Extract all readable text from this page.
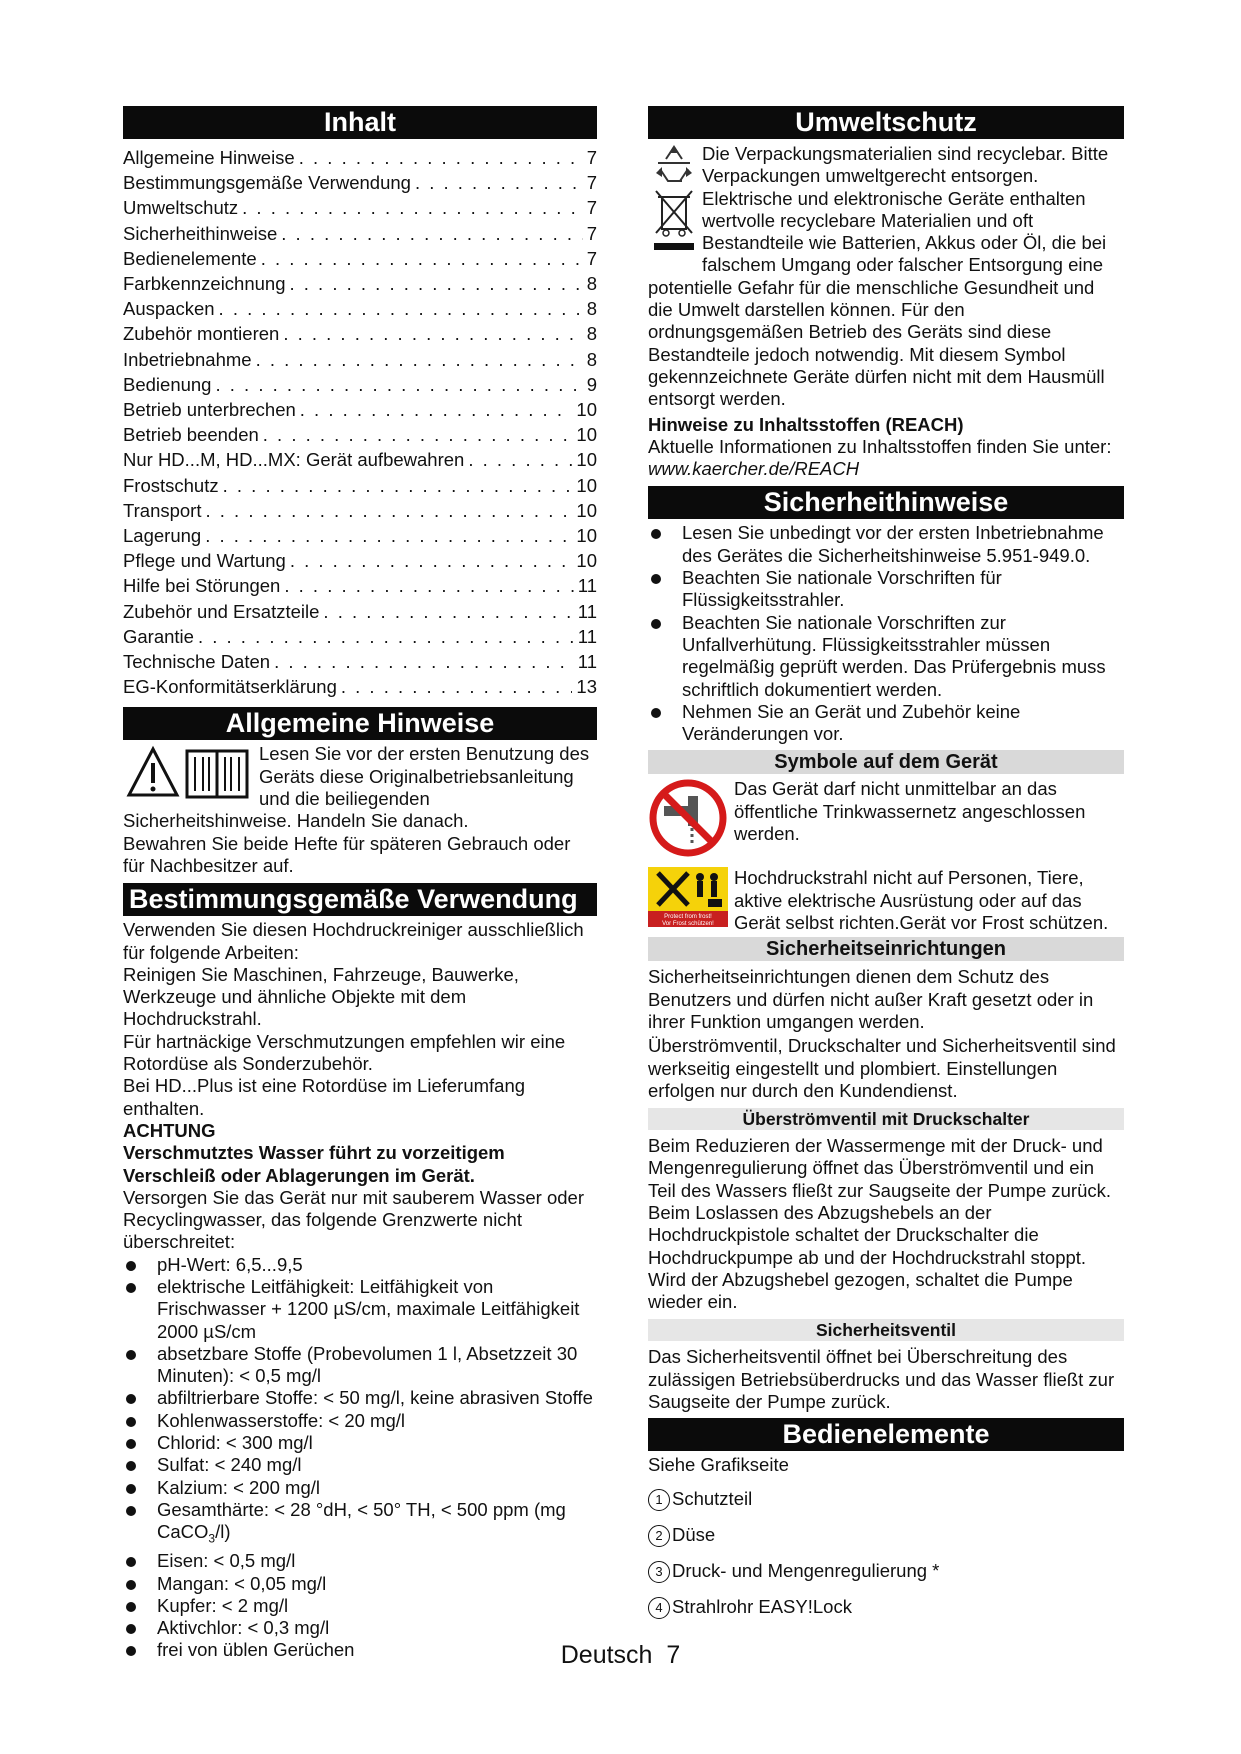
Inhalt
Allgemeine Hinweise . . .	7
Bestimmungsgemäße Verwendung . . .	7
Umweltschutz . . .	7
Sicherheithinweise . . .	7
Bedienelemente . . .	7
Farbkennzeichnung . . .	8
Auspacken . . .	8
Zubehör montieren . . .	8
Inbetriebnahme . . .	8
Bedienung . . .	9
Betrieb unterbrechen . . .	10
Betrieb beenden . . .	10
Nur HD...M, HD...MX: Gerät aufbewahren . . .	10
Frostschutz . . .	10
Transport . . .	10
Lagerung . . .	10
Pflege und Wartung . . .	10
Hilfe bei Störungen . . .	11
Zubehör und Ersatzteile . . .	11
Garantie . . .	11
Technische Daten . . .	11
EG-Konformitätserklärung . . .	13
Allgemeine Hinweise

Lesen Sie vor der ersten Benutzung des Geräts diese Originalbetriebsanleitung und die beiliegenden Sicherheitshinweise. Handeln Sie danach.

Bewahren Sie beide Hefte für späteren Gebrauch oder für Nachbesitzer auf.

Bestimmungsgemäße Verwendung

Verwenden Sie diesen Hochdruckreiniger ausschließlich für folgende Arbeiten:

Reinigen Sie Maschinen, Fahrzeuge, Bauwerke, Werkzeuge und ähnliche Objekte mit dem Hochdruckstrahl.

Für hartnäckige Verschmutzungen empfehlen wir eine Rotordüse als Sonderzubehör.

Bei HD...Plus ist eine Rotordüse im Lieferumfang enthalten.

ACHTUNG

Verschmutztes Wasser führt zu vorzeitigem Verschleiß oder Ablagerungen im Gerät.

Versorgen Sie das Gerät nur mit sauberem Wasser oder Recyclingwasser, das folgende Grenzwerte nicht überschreitet:

pH-Wert: 6,5...9,5
elektrische Leitfähigkeit: Leitfähigkeit von Frischwasser + 1200 µS/cm, maximale Leitfähigkeit 2000 µS/cm
absetzbare Stoffe (Probevolumen 1 l, Absetzzeit 30 Minuten): < 0,5 mg/l
abfiltrierbare Stoffe: < 50 mg/l, keine abrasiven Stoffe
Kohlenwasserstoffe: < 20 mg/l
Chlorid: < 300 mg/l
Sulfat: < 240 mg/l
Kalzium: < 200 mg/l
Gesamthärte: < 28 °dH, < 50° TH, < 500 ppm (mg CaCO$_3$/l)
Eisen: < 0,5 mg/l
Mangan: < 0,05 mg/l
Kupfer: < 2 mg/l
Aktivchlor: < 0,3 mg/l
frei von üblen Gerüchen
Umweltschutz

Die Verpackungsmaterialien sind recyclebar. Bitte Verpackungen umweltgerecht entsorgen.

Elektrische und elektronische Geräte enthalten wertvolle recyclebare Materialien und oft Bestandteile wie Batterien, Akkus oder Öl, die bei falschem Umgang oder falscher Entsorgung eine potentielle Gefahr für die menschliche Gesundheit und die Umwelt darstellen können. Für den ordnungsgemäßen Betrieb des Geräts sind diese Bestandteile jedoch notwendig. Mit diesem Symbol gekennzeichnete Geräte dürfen nicht mit dem Hausmüll entsorgt werden.

Hinweise zu Inhaltsstoffen (REACH)

Aktuelle Informationen zu Inhaltsstoffen finden Sie unter: www.kaercher.de/REACH

Sicherheithinweise
Lesen Sie unbedingt vor der ersten Inbetriebnahme des Gerätes die Sicherheitshinweise 5.951-949.0.
Beachten Sie nationale Vorschriften für Flüssigkeitsstrahler.
Beachten Sie nationale Vorschriften zur Unfallverhütung. Flüssigkeitsstrahler müssen regelmäßig geprüft werden. Das Prüfergebnis muss schriftlich dokumentiert werden.
Nehmen Sie an Gerät und Zubehör keine Veränderungen vor.
Symbole auf dem Gerät

Das Gerät darf nicht unmittelbar an das öffentliche Trinkwassernetz angeschlossen werden.

Protect from frost!
Vor Frost schützen!

Hochdruckstrahl nicht auf Personen, Tiere, aktive elektrische Ausrüstung oder auf das Gerät selbst richten.Gerät vor Frost schützen.

Sicherheitseinrichtungen

Sicherheitseinrichtungen dienen dem Schutz des Benutzers und dürfen nicht außer Kraft gesetzt oder in ihrer Funktion umgangen werden.

Überströmventil, Druckschalter und Sicherheitsventil sind werkseitig eingestellt und plombiert. Einstellungen erfolgen nur durch den Kundendienst.

Überströmventil mit Druckschalter

Beim Reduzieren der Wassermenge mit der Druck- und Mengenregulierung öffnet das Überströmventil und ein Teil des Wassers fließt zur Saugseite der Pumpe zurück.

Beim Loslassen des Abzugshebels an der Hochdruckpistole schaltet der Druckschalter die Hochdruckpumpe ab und der Hochdruckstrahl stoppt.

Wird der Abzugshebel gezogen, schaltet die Pumpe wieder ein.

Sicherheitsventil

Das Sicherheitsventil öffnet bei Überschreitung des zulässigen Betriebsüberdrucks und das Wasser fließt zur Saugseite der Pumpe zurück.

Bedienelemente

Siehe Grafikseite

1 Schutzteil
2 Düse
3 Druck- und Mengenregulierung *
4 Strahlrohr EASY!Lock
Deutsch 7
